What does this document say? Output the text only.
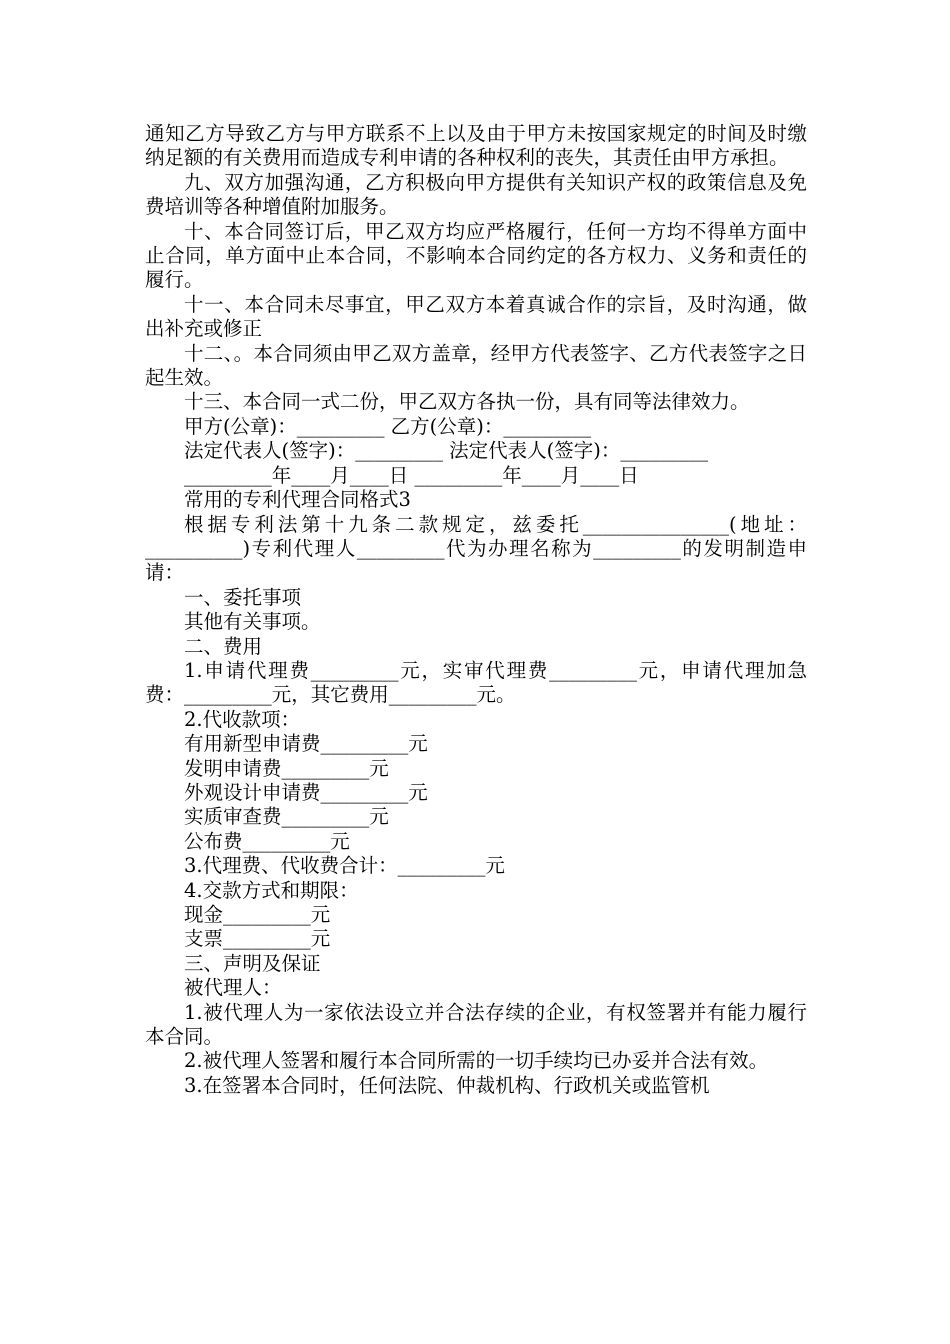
通知乙方导致乙方与甲方联系不上以及由于甲方未按国家规定的时间及时缴纳足额的有关费用而造成专利申请的各种权利的丧失，其责任由甲方承担。

九、双方加强沟通，乙方积极向甲方提供有关知识产权的政策信息及免费培训等各种增值附加服务。

十、本合同签订后，甲乙双方均应严格履行，任何一方均不得单方面中止合同，单方面中止本合同，不影响本合同约定的各方权力、义务和责任的履行。

十一、本合同未尽事宜，甲乙双方本着真诚合作的宗旨，及时沟通，做出补充或修正

十二、。本合同须由甲乙双方盖章，经甲方代表签字、乙方代表签字之日起生效。

十三、本合同一式二份，甲乙双方各执一份，具有同等法律效力。

甲方(公章)：_________ 乙方(公章)：_________

法定代表人(签字)：_________ 法定代表人(签字)：_________

_________年____月____日 _________年____月____日

常用的专利代理合同格式3

根据专利法第十九条二款规定，兹委托_______________(地址：__________)专利代理人_________代为办理名称为_________的发明制造申请：

一、委托事项

其他有关事项。

二、费用

1.申请代理费_________元，实审代理费_________元，申请代理加急费：_________元，其它费用_________元。

2.代收款项：

有用新型申请费_________元

发明申请费_________元

外观设计申请费_________元

实质审查费_________元

公布费_________元

3.代理费、代收费合计：_________元

4.交款方式和期限：

现金_________元

支票_________元

三、声明及保证

被代理人：

1.被代理人为一家依法设立并合法存续的企业，有权签署并有能力履行本合同。

2.被代理人签署和履行本合同所需的一切手续均已办妥并合法有效。

3.在签署本合同时，任何法院、仲裁机构、行政机关或监管机
